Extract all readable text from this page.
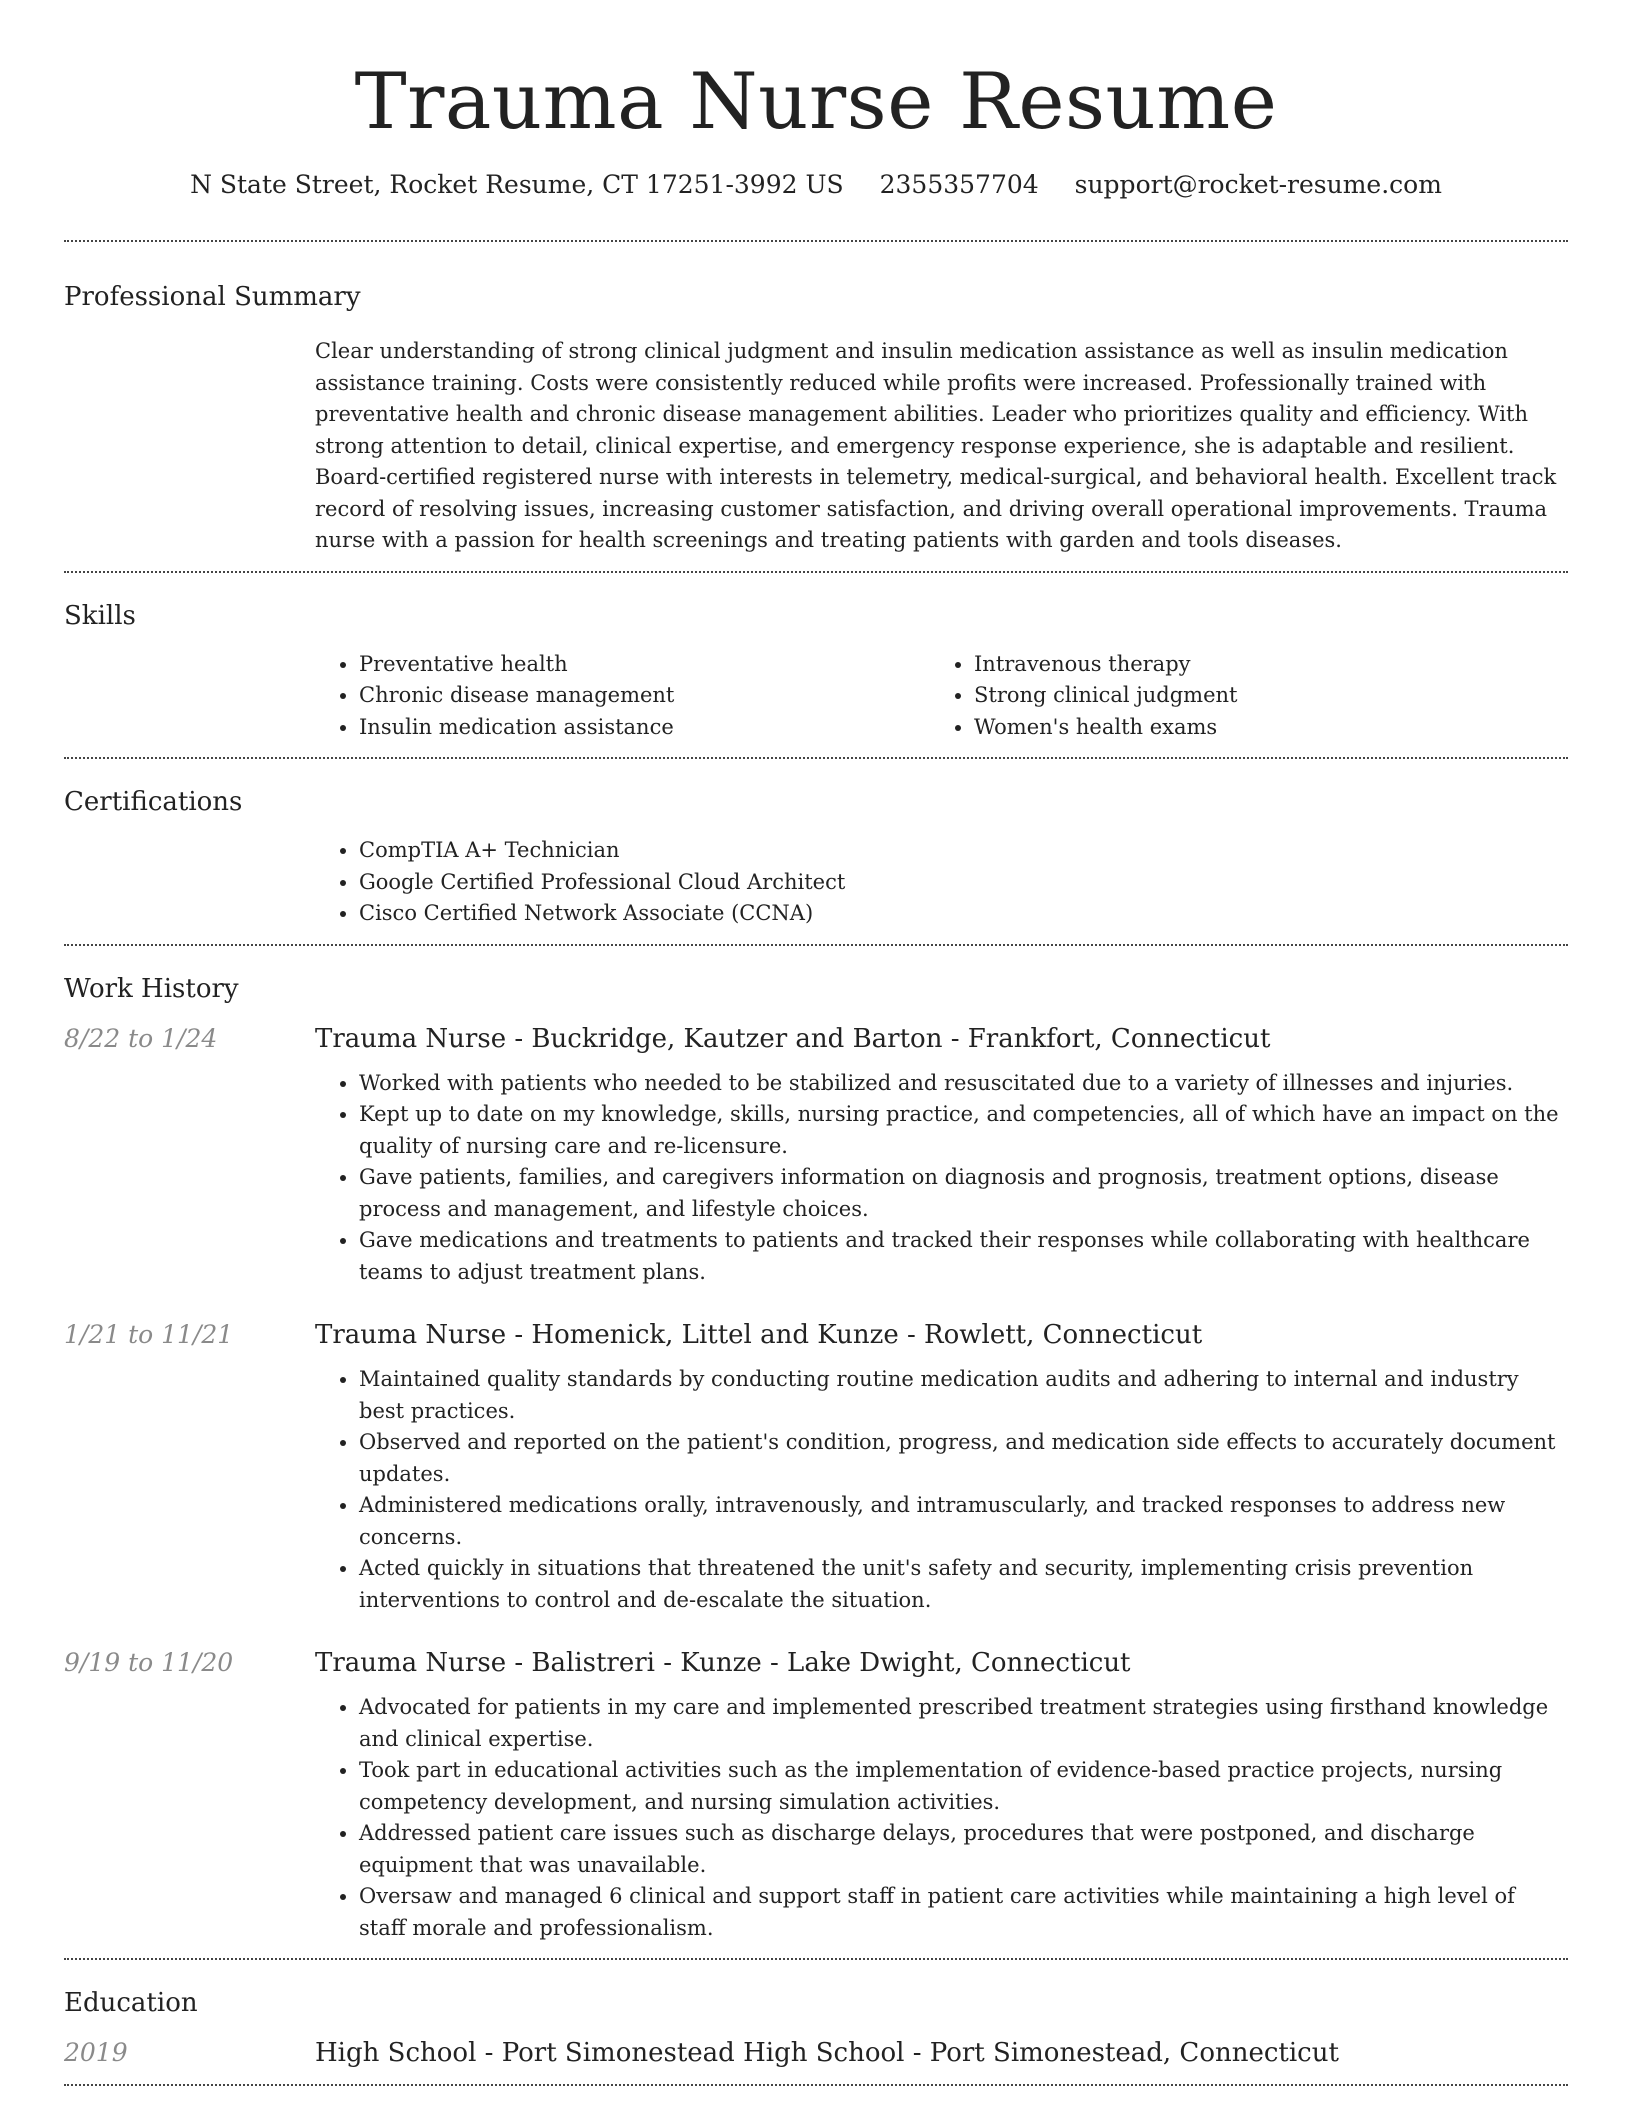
Trauma Nurse Resume
N State Street, Rocket Resume, CT 17251-3992 US 2355357704 support@rocket-resume.com
Professional Summary

Clear understanding of strong clinical judgment and insulin medication assistance as well as insulin medication assistance training. Costs were consistently reduced while profits were increased. Professionally trained with preventative health and chronic disease management abilities. Leader who prioritizes quality and efficiency. With strong attention to detail, clinical expertise, and emergency response experience, she is adaptable and resilient. Board-certified registered nurse with interests in telemetry, medical-surgical, and behavioral health. Excellent track record of resolving issues, increasing customer satisfaction, and driving overall operational improvements. Trauma nurse with a passion for health screenings and treating patients with garden and tools diseases.

Skills
• Preventative health
• Chronic disease management
• Insulin medication assistance
• Intravenous therapy
• Strong clinical judgment
• Women's health exams
Certifications
• CompTIA A+ Technician
• Google Certified Professional Cloud Architect
• Cisco Certified Network Associate (CCNA)
Work History
8/22 to 1/24	Trauma Nurse - Buckridge, Kautzer and Barton - Frankfort, Connecticut
• Worked with patients who needed to be stabilized and resuscitated due to a variety of illnesses and injuries.
• Kept up to date on my knowledge, skills, nursing practice, and competencies, all of which have an impact on the quality of nursing care and re-licensure.
• Gave patients, families, and caregivers information on diagnosis and prognosis, treatment options, disease process and management, and lifestyle choices.
• Gave medications and treatments to patients and tracked their responses while collaborating with healthcare teams to adjust treatment plans.
1/21 to 11/21	Trauma Nurse - Homenick, Littel and Kunze - Rowlett, Connecticut
• Maintained quality standards by conducting routine medication audits and adhering to internal and industry best practices.
• Observed and reported on the patient's condition, progress, and medication side effects to accurately document updates.
• Administered medications orally, intravenously, and intramuscularly, and tracked responses to address new concerns.
• Acted quickly in situations that threatened the unit's safety and security, implementing crisis prevention interventions to control and de-escalate the situation.
9/19 to 11/20	Trauma Nurse - Balistreri - Kunze - Lake Dwight, Connecticut
• Advocated for patients in my care and implemented prescribed treatment strategies using firsthand knowledge and clinical expertise.
• Took part in educational activities such as the implementation of evidence-based practice projects, nursing competency development, and nursing simulation activities.
• Addressed patient care issues such as discharge delays, procedures that were postponed, and discharge equipment that was unavailable.
• Oversaw and managed 6 clinical and support staff in patient care activities while maintaining a high level of staff morale and professionalism.
Education
2019	High School - Port Simonestead High School - Port Simonestead, Connecticut
